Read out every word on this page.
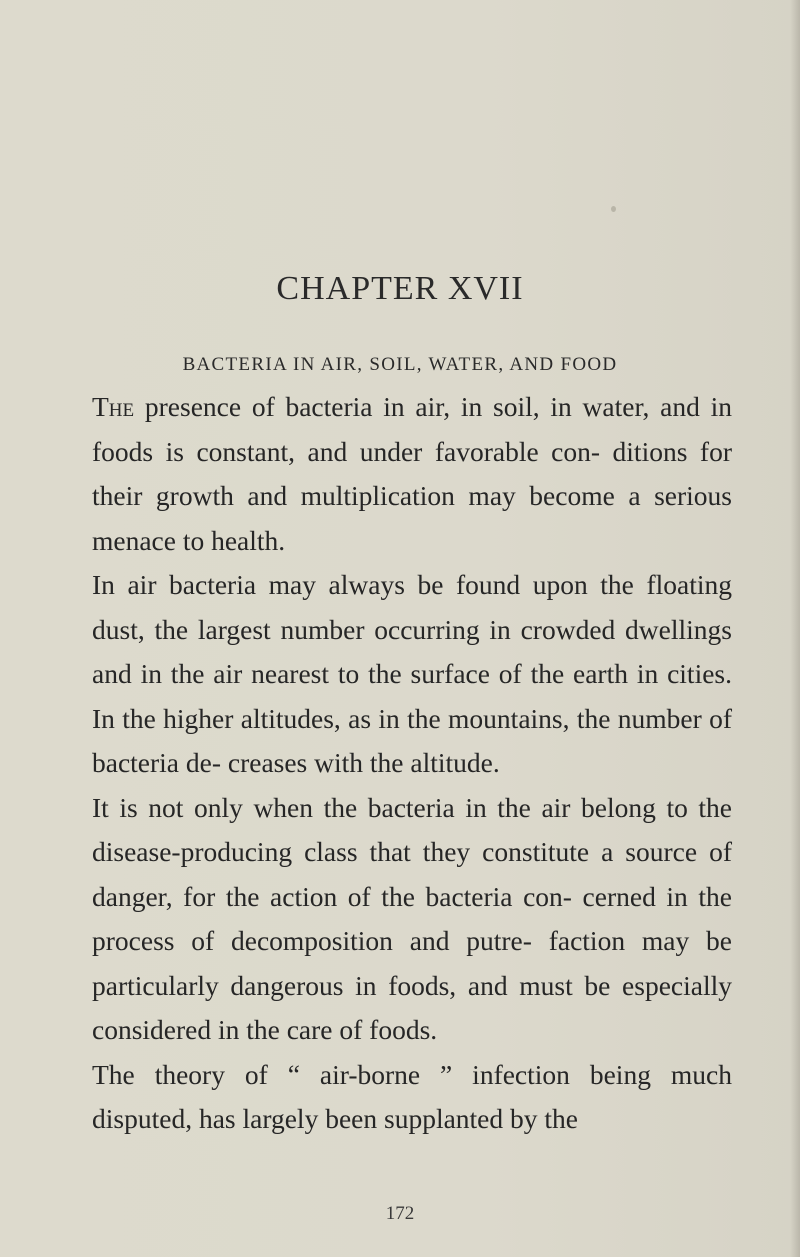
CHAPTER XVII
BACTERIA IN AIR, SOIL, WATER, AND FOOD

The presence of bacteria in air, in soil, in water, and in foods is constant, and under favorable con- ditions for their growth and multiplication may become a serious menace to health.

In air bacteria may always be found upon the floating dust, the largest number occurring in crowded dwellings and in the air nearest to the surface of the earth in cities. In the higher altitudes, as in the mountains, the number of bacteria de- creases with the altitude.

It is not only when the bacteria in the air belong to the disease-producing class that they constitute a source of danger, for the action of the bacteria con- cerned in the process of decomposition and putre- faction may be particularly dangerous in foods, and must be especially considered in the care of foods.

The theory of “ air-borne ” infection being much disputed, has largely been supplanted by the

172
